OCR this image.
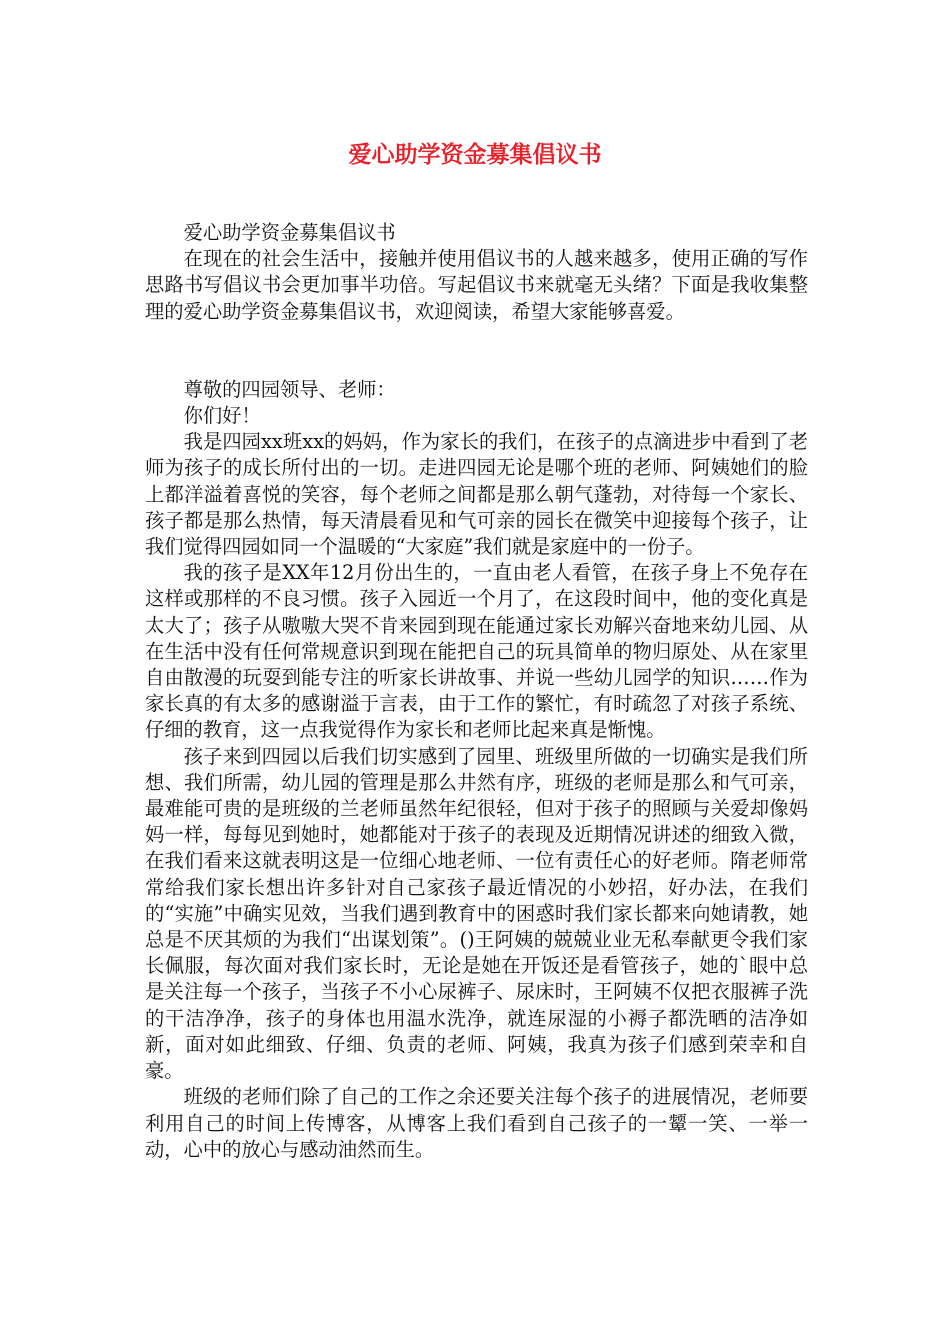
爱心助学资金募集倡议书

爱心助学资金募集倡议书

在现在的社会生活中，接触并使用倡议书的人越来越多，使用正确的写作思路书写倡议书会更加事半功倍。写起倡议书来就毫无头绪？下面是我收集整理的爱心助学资金募集倡议书，欢迎阅读，希望大家能够喜爱。

尊敬的四园领导、老师：

你们好！

我是四园xx班xx的妈妈，作为家长的我们，在孩子的点滴进步中看到了老师为孩子的成长所付出的一切。走进四园无论是哪个班的老师、阿姨她们的脸上都洋溢着喜悦的笑容，每个老师之间都是那么朝气蓬勃，对待每一个家长、孩子都是那么热情，每天清晨看见和气可亲的园长在微笑中迎接每个孩子，让我们觉得四园如同一个温暖的“大家庭”我们就是家庭中的一份子。

我的孩子是XX年12月份出生的，一直由老人看管，在孩子身上不免存在这样或那样的不良习惯。孩子入园近一个月了，在这段时间中，他的变化真是太大了；孩子从嗷嗷大哭不肯来园到现在能通过家长劝解兴奋地来幼儿园、从在生活中没有任何常规意识到现在能把自己的玩具简单的物归原处、从在家里自由散漫的玩耍到能专注的听家长讲故事、并说一些幼儿园学的知识……作为家长真的有太多的感谢溢于言表，由于工作的繁忙，有时疏忽了对孩子系统、仔细的教育，这一点我觉得作为家长和老师比起来真是惭愧。

孩子来到四园以后我们切实感到了园里、班级里所做的一切确实是我们所想、我们所需，幼儿园的管理是那么井然有序，班级的老师是那么和气可亲，最难能可贵的是班级的兰老师虽然年纪很轻，但对于孩子的照顾与关爱却像妈妈一样，每每见到她时，她都能对于孩子的表现及近期情况讲述的细致入微，在我们看来这就表明这是一位细心地老师、一位有责任心的好老师。隋老师常常给我们家长想出许多针对自己家孩子最近情况的小妙招，好办法，在我们的“实施”中确实见效，当我们遇到教育中的困惑时我们家长都来向她请教，她总是不厌其烦的为我们“出谋划策”。()王阿姨的兢兢业业无私奉献更令我们家长佩服，每次面对我们家长时，无论是她在开饭还是看管孩子，她的`眼中总是关注每一个孩子，当孩子不小心尿裤子、尿床时，王阿姨不仅把衣服裤子洗的干洁净净，孩子的身体也用温水洗净，就连尿湿的小褥子都洗晒的洁净如新，面对如此细致、仔细、负责的老师、阿姨，我真为孩子们感到荣幸和自豪。

班级的老师们除了自己的工作之余还要关注每个孩子的进展情况，老师要利用自己的时间上传博客，从博客上我们看到自己孩子的一颦一笑、一举一动，心中的放心与感动油然而生。
